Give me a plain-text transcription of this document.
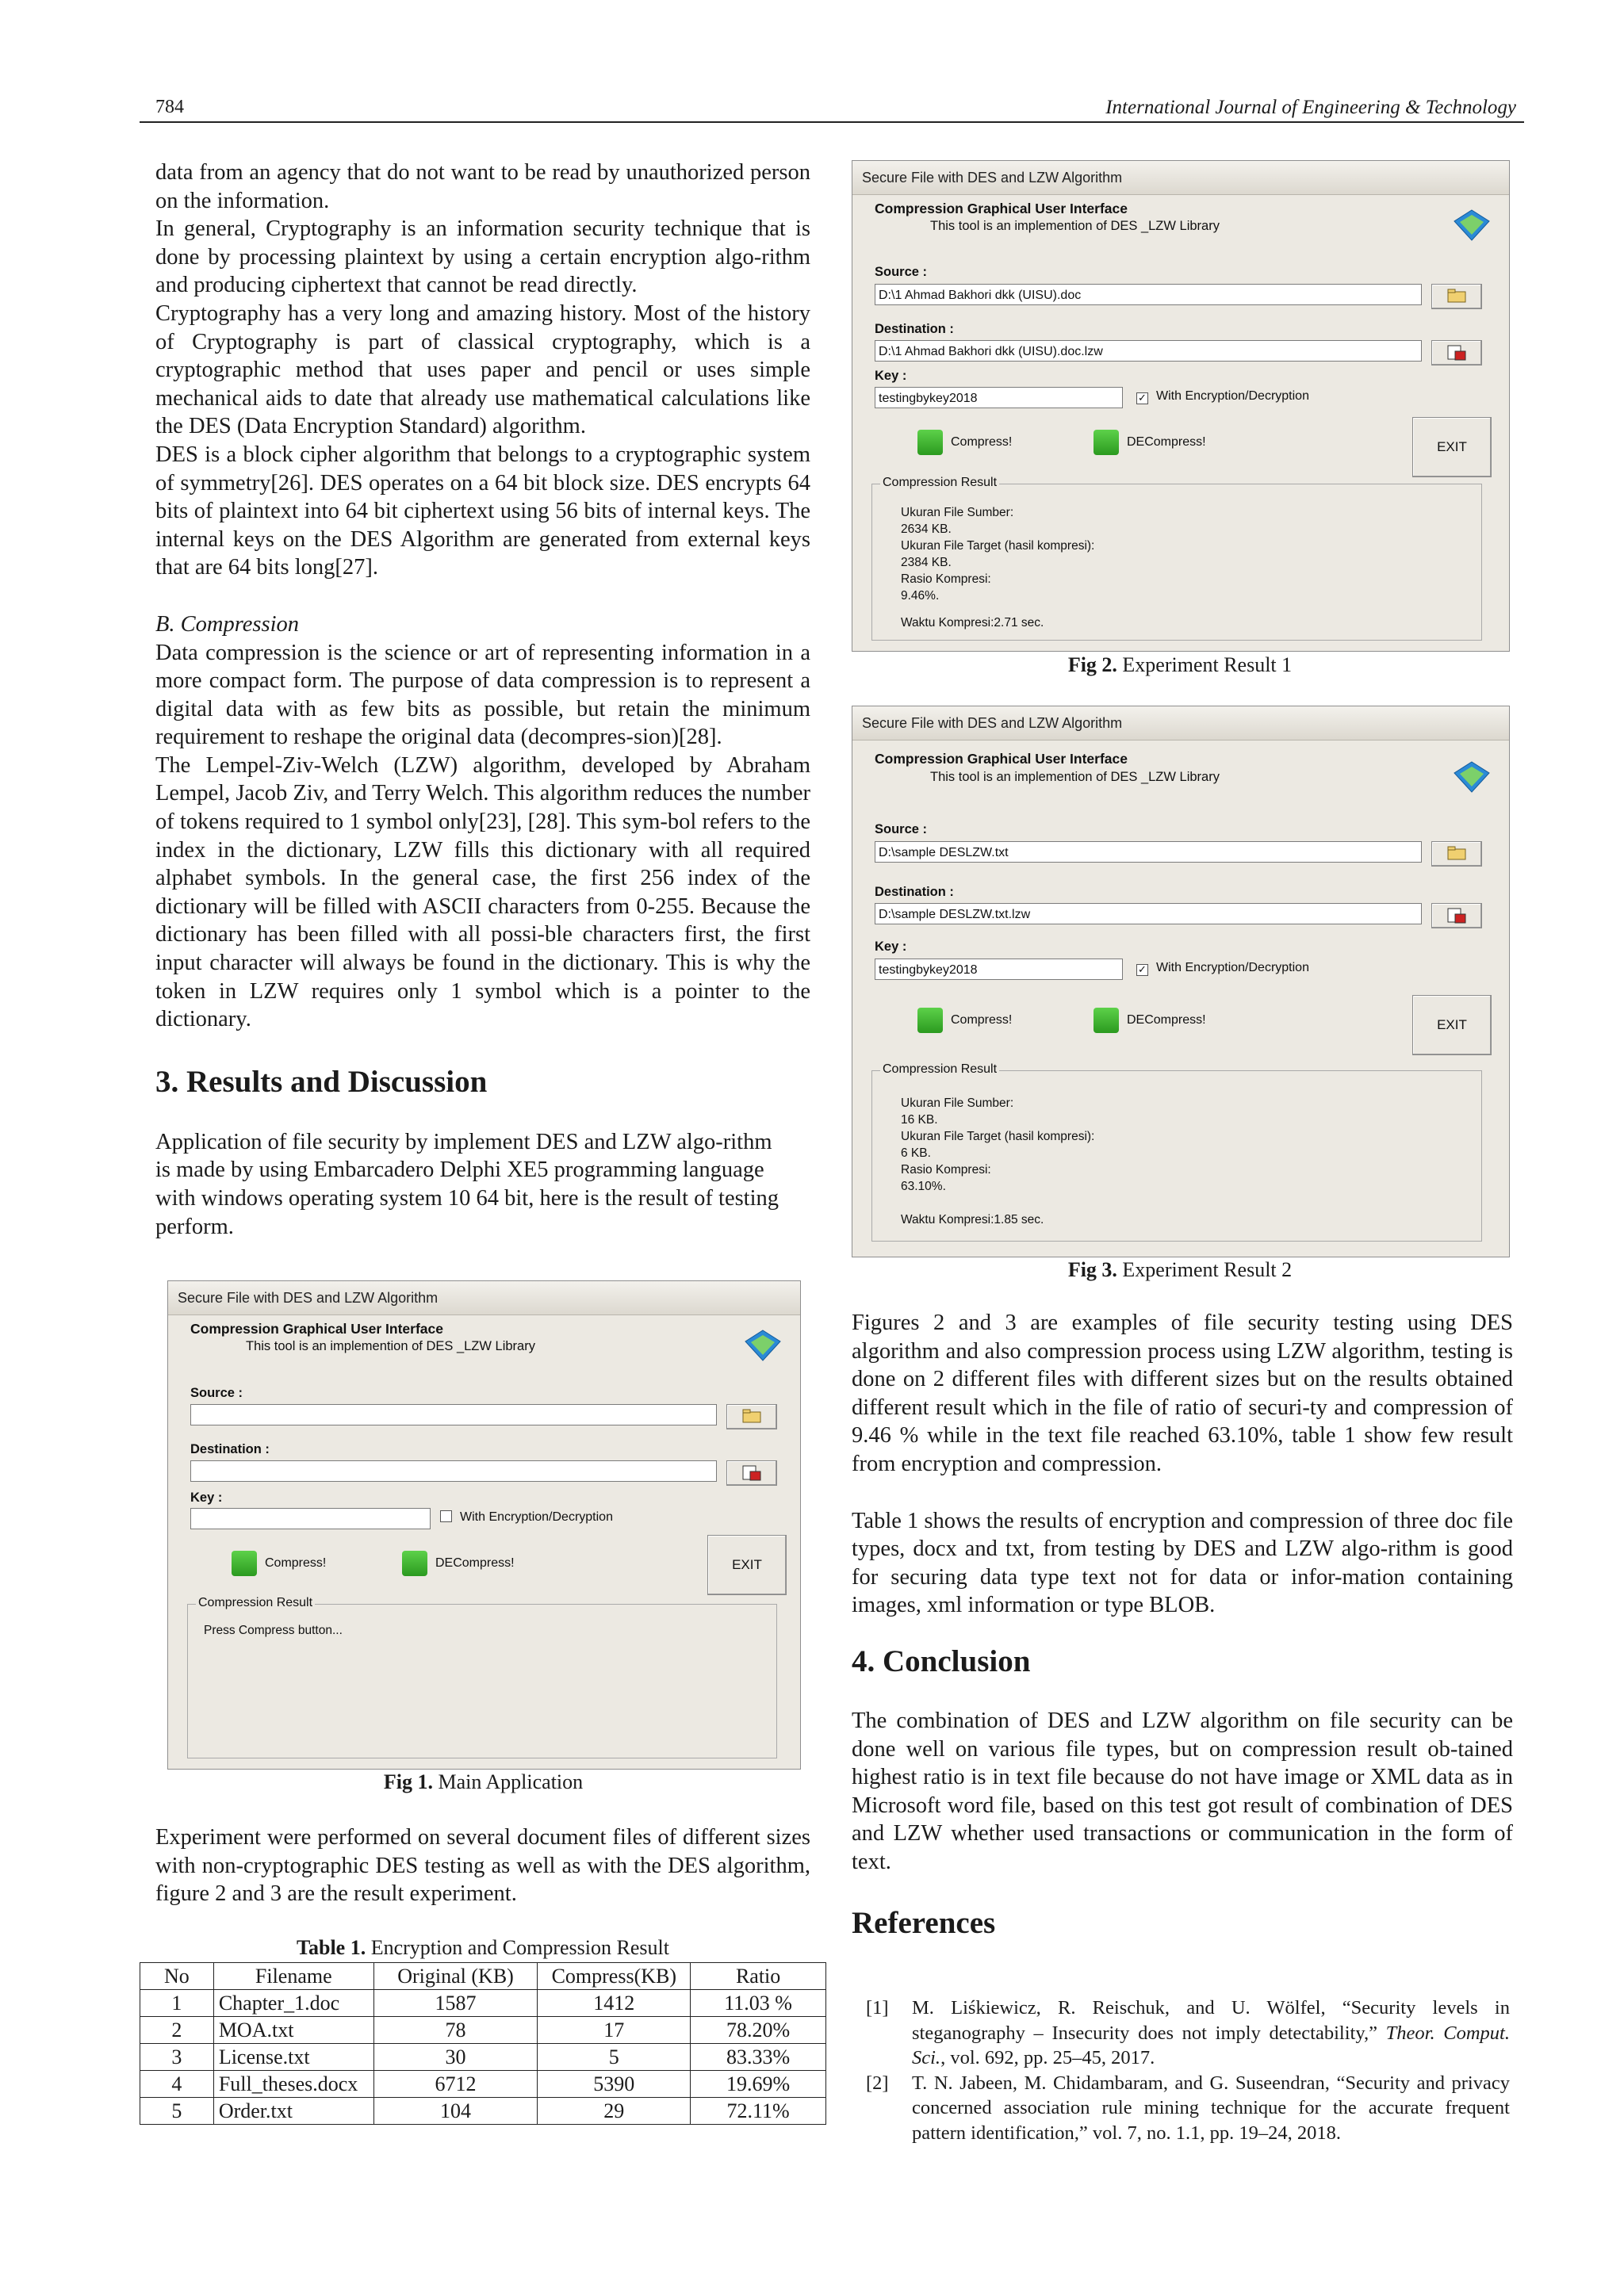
784	International Journal of Engineering & Technology

data from an agency that do not want to be read by unauthorized person on the information.

In general, Cryptography is an information security technique that is done by processing plaintext by using a certain encryption algo-rithm and producing ciphertext that cannot be read directly.

Cryptography has a very long and amazing history. Most of the history of Cryptography is part of classical cryptography, which is a cryptographic method that uses paper and pencil or uses simple mechanical aids to date that already use mathematical calculations like the DES (Data Encryption Standard) algorithm.

DES is a block cipher algorithm that belongs to a cryptographic system of symmetry[26]. DES operates on a 64 bit block size. DES encrypts 64 bits of plaintext into 64 bit ciphertext using 56 bits of internal keys. The internal keys on the DES Algorithm are generated from external keys that are 64 bits long[27].

B. Compression

Data compression is the science or art of representing information in a more compact form. The purpose of data compression is to represent a digital data with as few bits as possible, but retain the minimum requirement to reshape the original data (decompres-sion)[28].

The Lempel-Ziv-Welch (LZW) algorithm, developed by Abraham Lempel, Jacob Ziv, and Terry Welch. This algorithm reduces the number of tokens required to 1 symbol only[23], [28]. This sym-bol refers to the index in the dictionary, LZW fills this dictionary with all required alphabet symbols. In the general case, the first 256 index of the dictionary will be filled with ASCII characters from 0-255. Because the dictionary has been filled with all possi-ble characters first, the first input character will always be found in the dictionary. This is why the token in LZW requires only 1 symbol which is a pointer to the dictionary.

3. Results and Discussion

Application of file security by implement DES and LZW algo-rithm is made by using Embarcadero Delphi XE5 programming language with windows operating system 10 64 bit, here is the result of testing perform.

Secure File with DES and LZW Algorithm
Compression Graphical User Interface
This tool is an implemention of DES _LZW Library
Source :
Destination :
Key :
With Encryption/Decryption
Compress!	DECompress!	EXIT
Compression Result
Press Compress button...
Fig 1. Main Application

Experiment were performed on several document files of different sizes with non-cryptographic DES testing as well as with the DES algorithm, figure 2 and 3 are the result experiment.

Table 1. Encryption and Compression Result
No	Filename	Original (KB)	Compress(KB)	Ratio
1	Chapter_1.doc	1587	1412	11.03 %
2	MOA.txt	78	17	78.20%
3	License.txt	30	5	83.33%
4	Full_theses.docx	6712	5390	19.69%
5	Order.txt	104	29	72.11%
Secure File with DES and LZW Algorithm
Compression Graphical User Interface
This tool is an implemention of DES _LZW Library
Source :
D:\1 Ahmad Bakhori dkk (UISU).doc
Destination :
D:\1 Ahmad Bakhori dkk (UISU).doc.lzw
Key :
testingbykey2018	✓ With Encryption/Decryption
Compress!	DECompress!	EXIT
Compression Result
Ukuran File Sumber:
2634 KB.
Ukuran File Target (hasil kompresi):
2384 KB.
Rasio Kompresi:
9.46%.
Waktu Kompresi:2.71 sec.
Fig 2. Experiment Result 1
Secure File with DES and LZW Algorithm
Compression Graphical User Interface
This tool is an implemention of DES _LZW Library
Source :
D:\sample DESLZW.txt
Destination :
D:\sample DESLZW.txt.lzw
Key :
testingbykey2018	✓ With Encryption/Decryption
Compress!	DECompress!	EXIT
Compression Result
Ukuran File Sumber:
16 KB.
Ukuran File Target (hasil kompresi):
6 KB.
Rasio Kompresi:
63.10%.
Waktu Kompresi:1.85 sec.
Fig 3. Experiment Result 2

Figures 2 and 3 are examples of file security testing using DES algorithm and also compression process using LZW algorithm, testing is done on 2 different files with different sizes but on the results obtained different result which in the file of ratio of securi-ty and compression of 9.46 % while in the text file reached 63.10%, table 1 show few result from encryption and compression.

Table 1 shows the results of encryption and compression of three doc file types, docx and txt, from testing by DES and LZW algo-rithm is good for securing data type text not for data or infor-mation containing images, xml information or type BLOB.

4. Conclusion

The combination of DES and LZW algorithm on file security can be done well on various file types, but on compression result ob-tained highest ratio is in text file because do not have image or XML data as in Microsoft word file, based on this test got result of combination of DES and LZW whether used transactions or communication in the form of text.

References

[1] M. Liśkiewicz, R. Reischuk, and U. Wölfel, “Security levels in steganography – Insecurity does not imply detectability,” Theor. Comput. Sci., vol. 692, pp. 25–45, 2017.
[2] T. N. Jabeen, M. Chidambaram, and G. Suseendran, “Security and privacy concerned association rule mining technique for the accurate frequent pattern identification,” vol. 7, no. 1.1, pp. 19–24, 2018.
